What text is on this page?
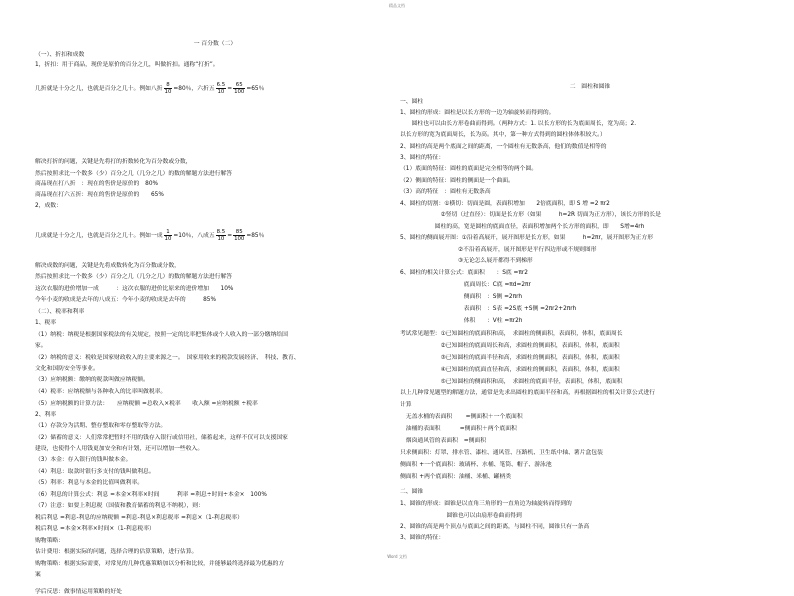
精品文档
一 百分数（二）
（一）、折扣和成数
1，折扣：用于商品，现价是原价的百分之几，叫做折扣。通称“打折”。
解决打折的问题，关键是先将打的折数转化为百分数或分数，
然后按照求比一个数多（少）百分之几（几分之几）的数的解题方法进行解答
商品现在打八折　：现在的售价是原价的　80%
商品现在打六五折：现在的售价是原价的　　65%
2，成数：
解决成数的问题，关键是先将成数转化为百分数或分数，
然后按照求比一个数多（少）百分之几（几分之几）的数的解题方法进行解答
这次衣服的进价增加一成　　　：这次衣服的进价比原来的进价增加　　10%
今年小麦的收成是去年的八成五：今年小麦的收成是去年的　　　85%
（二）、税率和利率
1、税率
（1）纳税：纳税是根据国家税法的有关规定，按照一定的比率把集体或个人收入的一部分缴纳给国
家。
（2）纳税的意义：税收是国家财政收入的主要来源之一。　国家用收来的税款发展经济、　科技、教育、
文化和国防安全等事业。
（3）应纳税额：缴纳的税款叫做应纳税额。
（4）税率：应纳税额与各种收入的比率叫做税率。
（5）应纳税额的计算方法：　　应纳税额 =总收入×税率　　收入额 =应纳税额 ÷税率
2、利率
（1）存款分为活期、整存整取和零存整取等方法。
（2）储蓄的意义：人们常常把暂时不用的钱存入银行或信用社，储蓄起来，这样不仅可以支援国家
建设，也使得个人用钱更加安全和有计划，还可以增加一些收入。
（3）本金：存入银行的钱叫做本金。
（4）利息：取款时银行多支付的钱叫做利息。
（5）利率：利息与本金的比值叫做利率。
（6）利息的计算公式：利息 =本金×利率×时间　　　利率 =利息÷时间÷本金×　100%
（7）注意：如要上利息税（国债和教育储蓄的利息不纳税），则：
税后利息 =利息-利息的应纳税额 =利息-利息×利息税率 =利息×（1-利息税率）
税后利息 =本金×利率×时间×（1-利息税率）
购物策略：
估计费用：根据实际的问题，选择合理的估算策略，进行估算。
购物策略：根据实际需要，对常见的几种优惠策略加以分析和比较，并能够最终选择最为优惠的方
案
学后反思：做事情运用策略的好处
几折就是十分之几，也就是百分之几十。例如八折 $\frac{8}{10} =80$％，六折五 $\frac{6.5}{10} = \frac{65}{100} =65$％
几成就是十分之几，也就是百分之几十。例如一成 $\frac{1}{10} =10$％，八成五 $\frac{8.5}{10} = \frac{85}{100} =85$％
二　圆柱和圆锥
一、圆柱
1、圆柱的形成：圆柱是以长方形的一边为轴旋转而得到的。
　　圆柱也可以由长方形卷曲而得到。（两种方式：1. 以长方形的长为底面周长，宽为高；2.
以长方形的宽为底面周长，长为高。其中，第一种方式得到的圆柱体体积较大。）
2、圆柱的高是两个底面之间的距离，一个圆柱有无数条高，他们的数值是相等的
3、圆柱的特征：
（1）底面的特征：圆柱的底面是完全相等的两个圆。
（2）侧面的特征：圆柱的侧面是一个曲面。
（3）高的特征　：圆柱有无数条高
4、圆柱的切割：①横切：切面是圆，表面积增加　　2倍底面积，即 S 增 =2 πr2
　　　　　　　②竖切（过直径）：切面是长方形（如果　　　h=2R 切面为正方形），该长方形的长是
　　　　　　圆柱的高，宽是圆柱的底面直径，表面积增加两个长方形的面积，即　　S增=4rh
5、圆柱的侧面展开图：①沿着高展开，展开图形是长方形，如果　　　h=2πr，展开图形为正方形
　　　　　　　　　　②不沿着高展开，展开图形是平行四边形或不规则图形
　　　　　　　　　　③无论怎么展开都得不到梯形
6、圆柱的相关计算公式：底面积　　：S底 =πr2
　　　　　　　　　　　底面周长：C底 =πd=2πr
　　　　　　　　　　　侧面积　：S侧 =2πrh
　　　　　　　　　　　表面积　：S表 =2S底 +S侧 =2πr2+2πrh
　　　　　　　　　　　体积　　：V柱 =πr2h
考试常见题型：①已知圆柱的底面积和高，　求圆柱的侧面积，表面积，体积，底面周长
　　　　　　　②已知圆柱的底面周长和高，求圆柱的侧面积，表面积，体积，底面积
　　　　　　　③已知圆柱的底面半径和高，求圆柱的侧面积，表面积，体积，底面积
　　　　　　　④已知圆柱的底面直径和高，求圆柱的侧面积，表面积，体积，底面积
　　　　　　　⑤已知圆柱的侧面积和高，　求圆柱的底面半径，表面积，体积，底面积
以上几种常见题型的解题方法，通常是先求出圆柱的底面半径和高，再根据圆柱的相关计算公式进行
计算
　无盖水桶的表面积　　 =侧面积＋一个底面积
　油桶的表面积　　　 =侧面积＋两个底面积
　烟囱通风管的表面积　=侧面积
只求侧面积：灯罩、排水管、漆柱、通风管、压路机、卫生纸中轴、薯片盒包装
侧面积 +一个底面积：玻璃杯、水桶、笔筒、帽子、游泳池
侧面积 +两个底面积：油桶、米桶、罐柄类
二、圆锥
1、圆锥的形成：圆锥是以直角三角形的一直角边为轴旋转而得到的
　　　　　　　　圆锥也可以由扇形卷曲而得到
2、圆锥的高是两个顶点与底面之间的距离，与圆柱不同，圆锥只有一条高
3、圆锥的特征：
Word 文档
